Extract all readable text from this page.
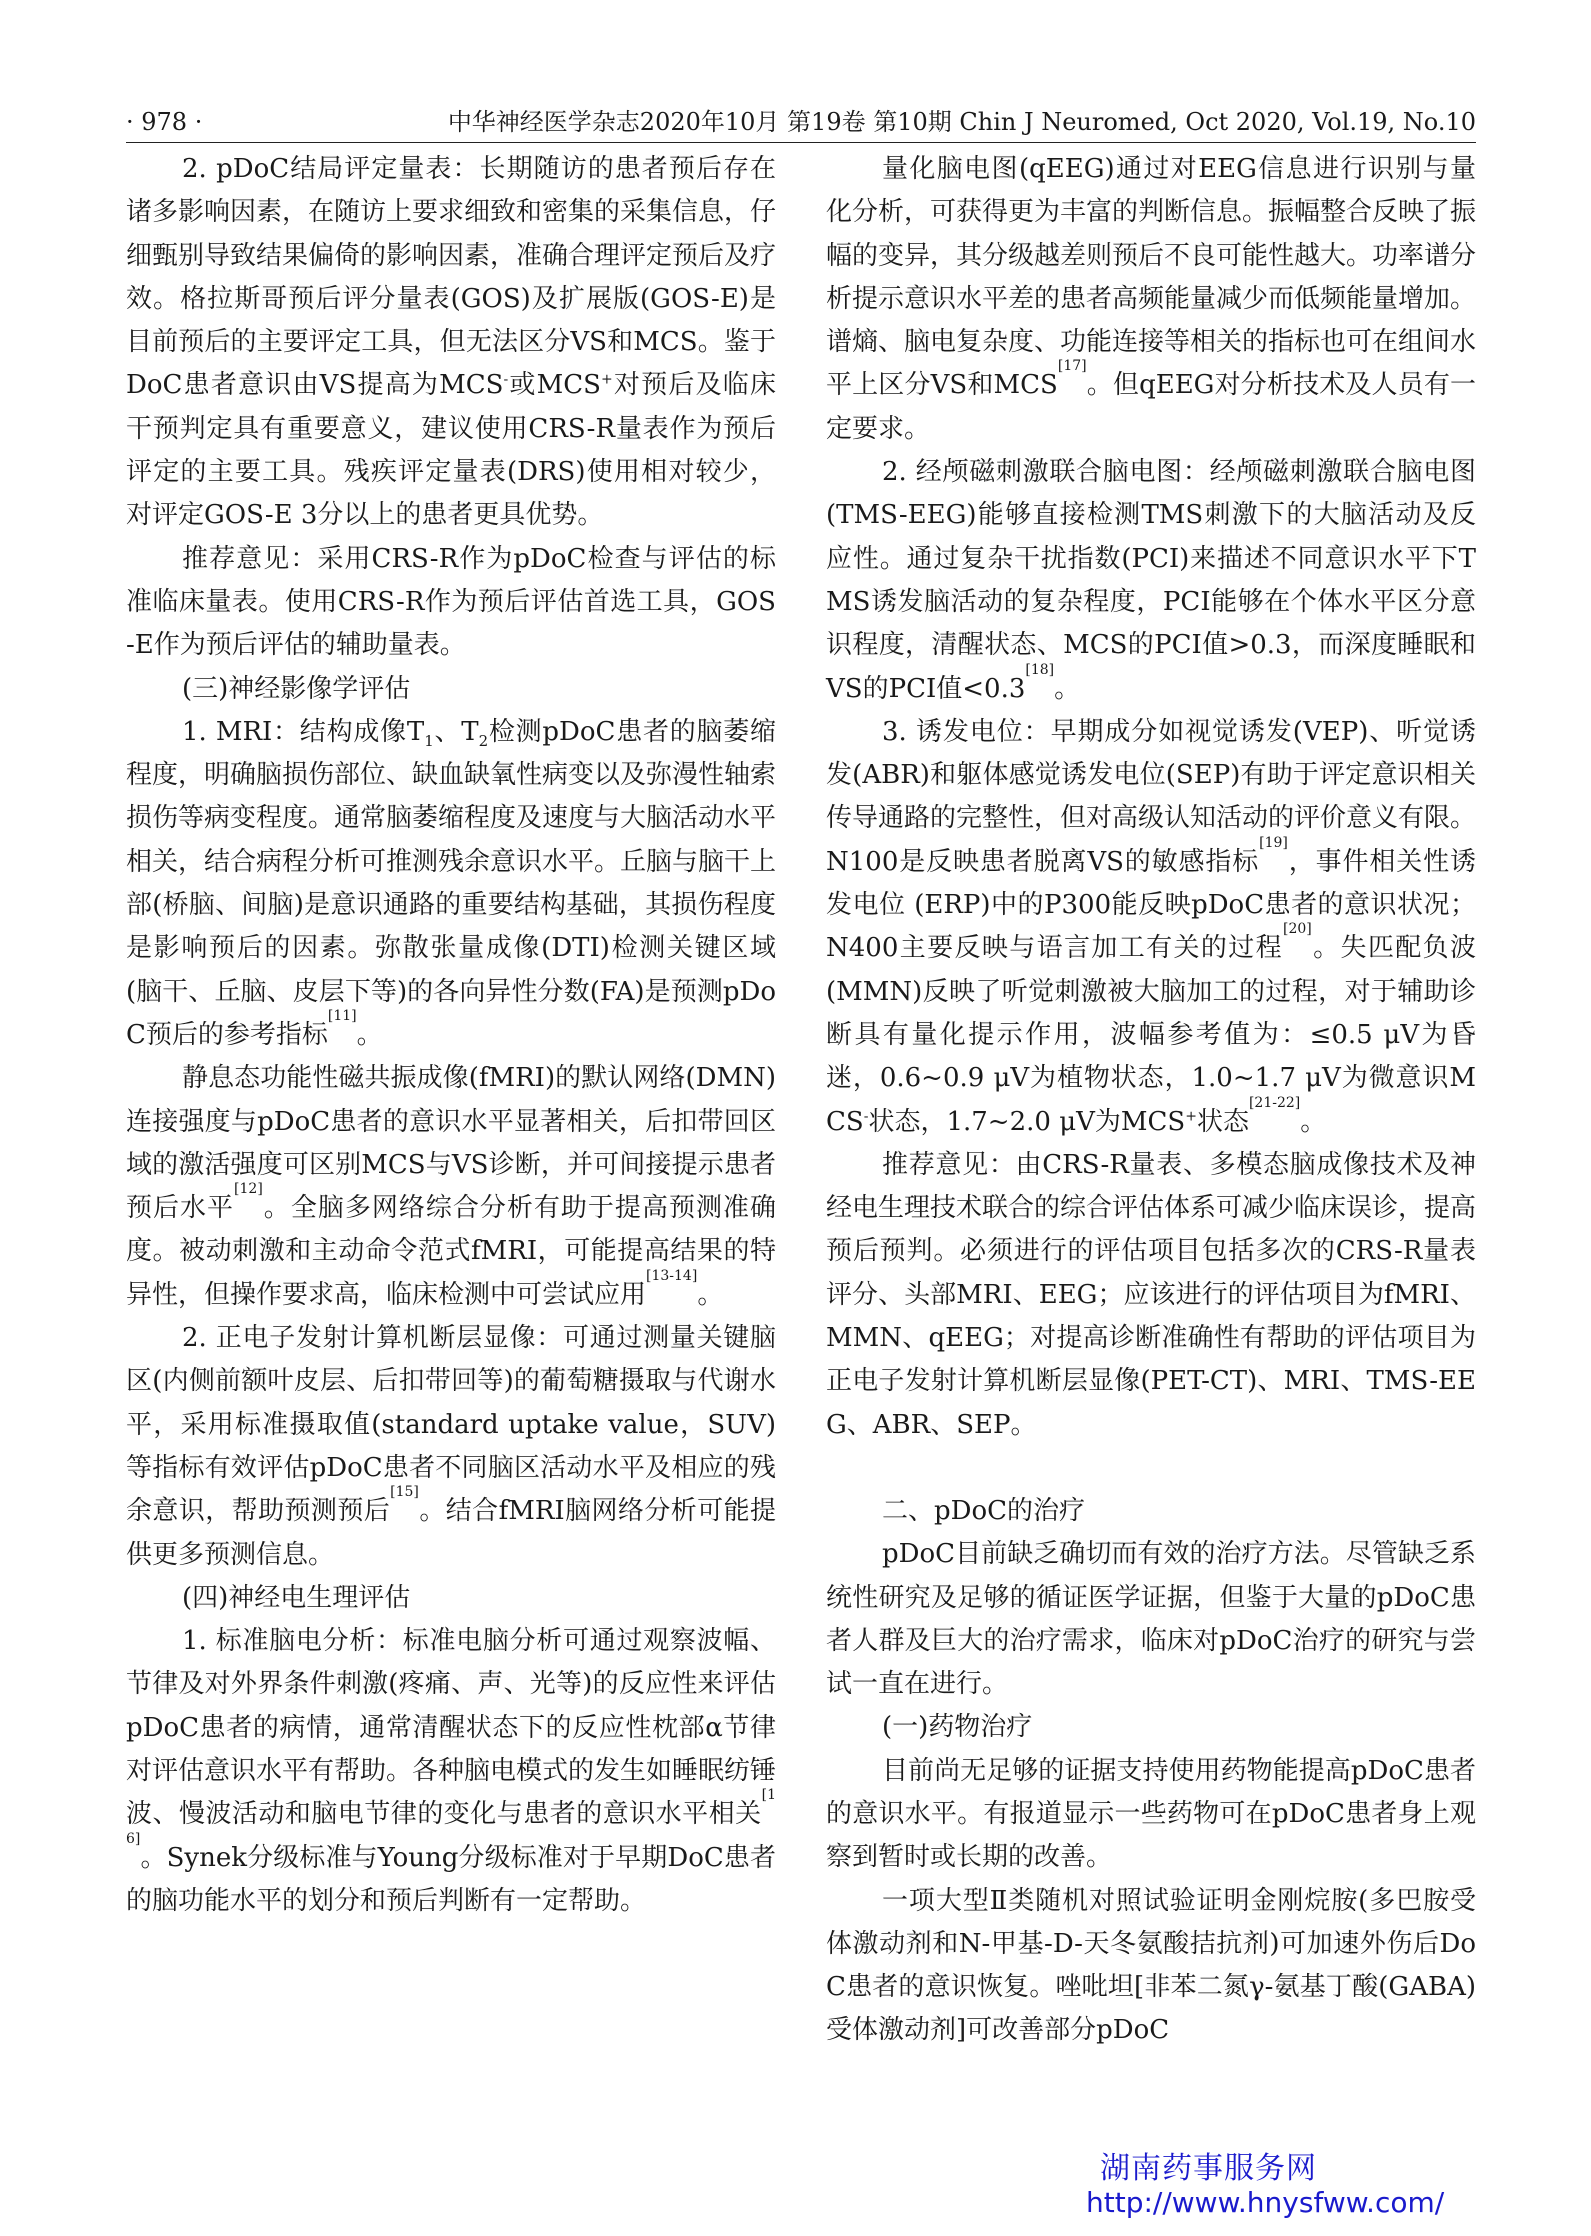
· 978 ·	中华神经医学杂志2020年10月 第19卷 第10期 Chin J Neuromed, Oct 2020, Vol.19, No.10

2. pDoC结局评定量表：长期随访的患者预后存在诸多影响因素，在随访上要求细致和密集的采集信息，仔细甄别导致结果偏倚的影响因素，准确合理评定预后及疗效。格拉斯哥预后评分量表(GOS)及扩展版(GOS-E)是目前预后的主要评定工具，但无法区分VS和MCS。鉴于DoC患者意识由VS提高为MCS-或MCS+对预后及临床干预判定具有重要意义，建议使用CRS-R量表作为预后评定的主要工具。残疾评定量表(DRS)使用相对较少，对评定GOS-E 3分以上的患者更具优势。

推荐意见：采用CRS-R作为pDoC检查与评估的标准临床量表。使用CRS-R作为预后评估首选工具，GOS-E作为预后评估的辅助量表。

(三)神经影像学评估

1. MRI：结构成像$T_1$、$T_2$检测pDoC患者的脑萎缩程度，明确脑损伤部位、缺血缺氧性病变以及弥漫性轴索损伤等病变程度。通常脑萎缩程度及速度与大脑活动水平相关，结合病程分析可推测残余意识水平。丘脑与脑干上部(桥脑、间脑)是意识通路的重要结构基础，其损伤程度是影响预后的因素。弥散张量成像(DTI)检测关键区域(脑干、丘脑、皮层下等)的各向异性分数(FA)是预测pDoC预后的参考指标[11]。

静息态功能性磁共振成像(fMRI)的默认网络(DMN)连接强度与pDoC患者的意识水平显著相关，后扣带回区域的激活强度可区别MCS与VS诊断，并可间接提示患者预后水平[12]。全脑多网络综合分析有助于提高预测准确度。被动刺激和主动命令范式fMRI，可能提高结果的特异性，但操作要求高，临床检测中可尝试应用[13-14]。

2. 正电子发射计算机断层显像：可通过测量关键脑区(内侧前额叶皮层、后扣带回等)的葡萄糖摄取与代谢水平，采用标准摄取值(standard uptake value，SUV)等指标有效评估pDoC患者不同脑区活动水平及相应的残余意识，帮助预测预后[15]。结合fMRI脑网络分析可能提供更多预测信息。

(四)神经电生理评估

1. 标准脑电分析：标准电脑分析可通过观察波幅、节律及对外界条件刺激(疼痛、声、光等)的反应性来评估pDoC患者的病情，通常清醒状态下的反应性枕部α节律对评估意识水平有帮助。各种脑电模式的发生如睡眠纺锤波、慢波活动和脑电节律的变化与患者的意识水平相关[16]。Synek分级标准与Young分级标准对于早期DoC患者的脑功能水平的划分和预后判断有一定帮助。

量化脑电图(qEEG)通过对EEG信息进行识别与量化分析，可获得更为丰富的判断信息。振幅整合反映了振幅的变异，其分级越差则预后不良可能性越大。功率谱分析提示意识水平差的患者高频能量减少而低频能量增加。谱熵、脑电复杂度、功能连接等相关的指标也可在组间水平上区分VS和MCS[17]。但qEEG对分析技术及人员有一定要求。

2. 经颅磁刺激联合脑电图：经颅磁刺激联合脑电图(TMS-EEG)能够直接检测TMS刺激下的大脑活动及反应性。通过复杂干扰指数(PCI)来描述不同意识水平下TMS诱发脑活动的复杂程度，PCI能够在个体水平区分意识程度，清醒状态、MCS的PCI值>0.3，而深度睡眠和VS的PCI值<0.3[18]。

3. 诱发电位：早期成分如视觉诱发(VEP)、听觉诱发(ABR)和躯体感觉诱发电位(SEP)有助于评定意识相关传导通路的完整性，但对高级认知活动的评价意义有限。N100是反映患者脱离VS的敏感指标[19]，事件相关性诱发电位 (ERP)中的P300能反映pDoC患者的意识状况；N400主要反映与语言加工有关的过程[20]。失匹配负波(MMN)反映了听觉刺激被大脑加工的过程，对于辅助诊断具有量化提示作用，波幅参考值为：≤0.5 μV为昏迷，0.6~0.9 μV为植物状态，1.0~1.7 μV为微意识MCS-状态，1.7~2.0 μV为MCS+状态[21-22]。

推荐意见：由CRS-R量表、多模态脑成像技术及神经电生理技术联合的综合评估体系可减少临床误诊，提高预后预判。必须进行的评估项目包括多次的CRS-R量表评分、头部MRI、EEG；应该进行的评估项目为fMRI、MMN、qEEG；对提高诊断准确性有帮助的评估项目为正电子发射计算机断层显像(PET-CT)、MRI、TMS-EEG、ABR、SEP。

二、pDoC的治疗

pDoC目前缺乏确切而有效的治疗方法。尽管缺乏系统性研究及足够的循证医学证据，但鉴于大量的pDoC患者人群及巨大的治疗需求，临床对pDoC治疗的研究与尝试一直在进行。

(一)药物治疗

目前尚无足够的证据支持使用药物能提高pDoC患者的意识水平。有报道显示一些药物可在pDoC患者身上观察到暂时或长期的改善。

一项大型Ⅱ类随机对照试验证明金刚烷胺(多巴胺受体激动剂和N-甲基-D-天冬氨酸拮抗剂)可加速外伤后DoC患者的意识恢复。唑吡坦[非苯二氮γ-氨基丁酸(GABA)受体激动剂]可改善部分pDoC

湖南药事服务网
http://www.hnysfww.com/
